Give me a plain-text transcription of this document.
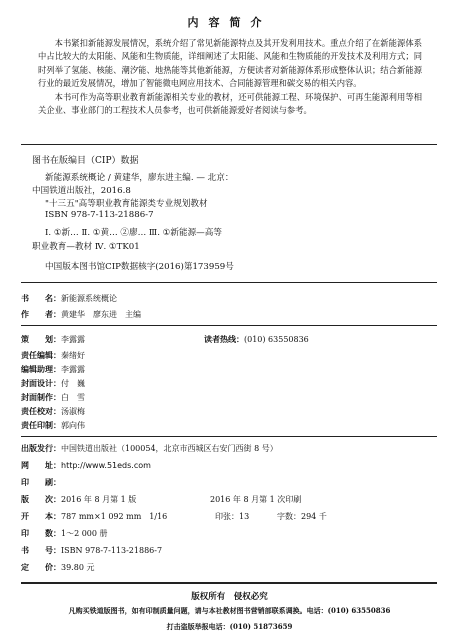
内容简介

本书紧扣新能源发展情况，系统介绍了常见新能源特点及其开发利用技术。重点介绍了在新能源体系中占比较大的太阳能、风能和生物质能，详细阐述了太阳能、风能和生物质能的开发技术及利用方式；同时列举了氢能、核能、潮汐能、地热能等其他新能源，方便读者对新能源体系形成整体认识；结合新能源行业的最近发展情况，增加了智能微电网应用技术、合同能源管理和碳交易的相关内容。

本书可作为高等职业教育新能源相关专业的教材，还可供能源工程、环境保护、可再生能源利用等相关企业、事业部门的工程技术人员参考，也可供新能源爱好者阅读与参考。

图书在版编目（CIP）数据
新能源系统概论 / 黄建华，廖东进主编. — 北京：
中国铁道出版社，2016.8
"十三五"高等职业教育能源类专业规划教材
ISBN 978-7-113-21886-7
Ⅰ. ①新… Ⅱ. ①黄… ②廖… Ⅲ. ①新能源—高等
职业教育—教材 Ⅳ. ①TK01
中国版本图书馆CIP数据核字(2016)第173959号
书　　名：新能源系统概论
作　　者：黄建华　廖东进　主编
策　　划：李露露	读者热线：(010) 63550836
责任编辑：秦绪好
编辑助理：李露露
封面设计：付　巍
封面制作：白　雪
责任校对：汤淑梅
责任印制：郭向伟
出版发行：中国铁道出版社（100054，北京市西城区右安门西街 8 号）
网　　址：http://www.51eds.com
印　　刷：
版　　次：2016 年 8 月第 1 版	2016 年 8 月第 1 次印刷
开　　本：787 mm×1 092 mm　1/16	印张：13	字数：294 千
印　　数：1～2 000 册
书　　号：ISBN 978-7-113-21886-7
定　　价：39.80 元
版权所有　侵权必究
凡购买铁道版图书，如有印制质量问题，请与本社教材图书营销部联系调换。电话：(010) 63550836
打击盗版举报电话：(010) 51873659
